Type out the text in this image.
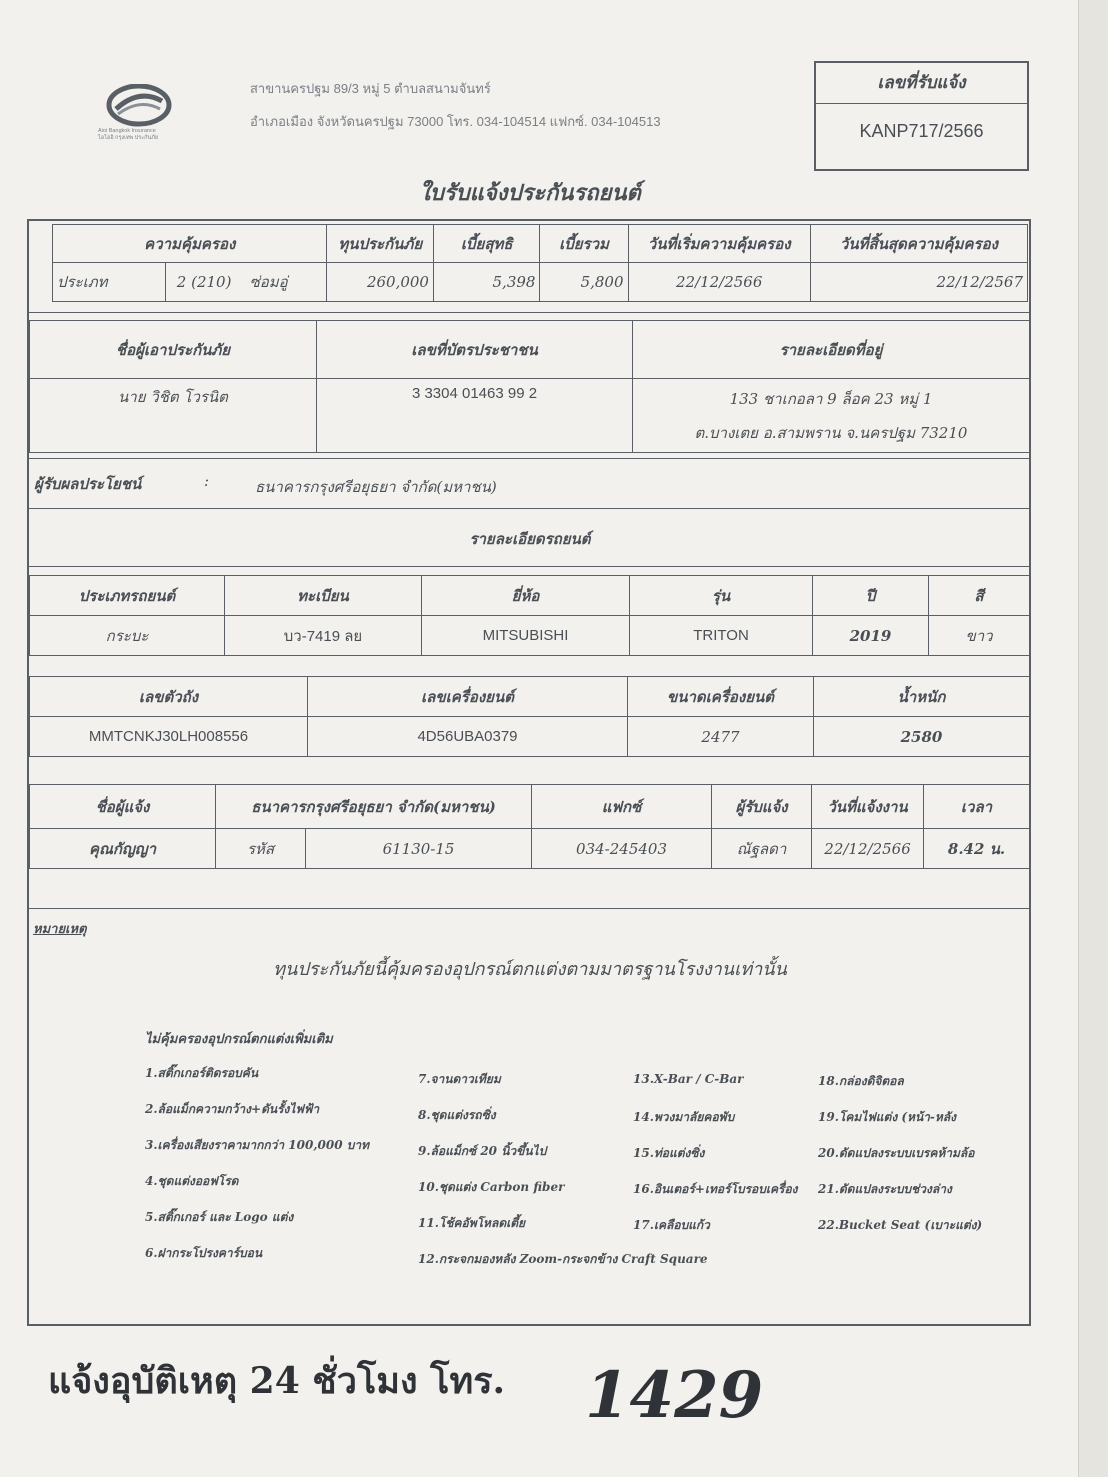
Aioi Bangkok Insurance
ไอโออิ กรุงเทพ ประกันภัย
สาขานครปฐม 89/3 หมู่ 5 ตำบลสนามจันทร์
อำเภอเมือง จังหวัดนครปฐม 73000 โทร. 034-104514 แฟกซ์. 034-104513
เลขที่รับแจ้ง
KANP717/2566
ใบรับแจ้งประกันรถยนต์
ความคุ้มครอง	ทุนประกันภัย	เบี้ยสุทธิ	เบี้ยรวม	วันที่เริ่มความคุ้มครอง	วันที่สิ้นสุดความคุ้มครอง
ประเภท 2 (210) ซ่อมอู่	260,000	5,398	5,800	22/12/2566	22/12/2567
ชื่อผู้เอาประกันภัย	เลขที่บัตรประชาชน	รายละเอียดที่อยู่
นาย วิชิต โวรนิต	3 3304 01463 99 2	133 ชาเกอลา 9 ล็อค 23 หมู่ 1
ต.บางเตย อ.สามพราน จ.นครปฐม 73210
ผู้รับผลประโยชน์	:	ธนาคารกรุงศรีอยุธยา จำกัด(มหาชน)
รายละเอียดรถยนต์
ประเภทรถยนต์	ทะเบียน	ยี่ห้อ	รุ่น	ปี	สี
กระบะ	บว-7419 ลย	MITSUBISHI	TRITON	2019	ขาว
เลขตัวถัง	เลขเครื่องยนต์	ขนาดเครื่องยนต์	น้ำหนัก
MMTCNKJ30LH008556	4D56UBA0379	2477	2580
ชื่อผู้แจ้ง	ธนาคารกรุงศรีอยุธยา จำกัด(มหาชน)		แฟกซ์	ผู้รับแจ้ง	วันที่แจ้งงาน	เวลา
คุณกัญญา	รหัส	61130-15	034-245403	ณัฐลดา	22/12/2566	8.42 น.
หมายเหตุ
ทุนประกันภัยนี้คุ้มครองอุปกรณ์ตกแต่งตามมาตรฐานโรงงานเท่านั้น
ไม่คุ้มครองอุปกรณ์ตกแต่งเพิ่มเติม
1.สติ๊กเกอร์ติดรอบคัน
2.ล้อแม็กความกว้าง+ดันรั้งไฟฟ้า
3.เครื่องเสียงราคามากกว่า 100,000 บาท
4.ชุดแต่งออฟโรด
5.สติ๊กเกอร์ และ Logo แต่ง
6.ฝากระโปรงคาร์บอน
7.จานดาวเทียม
8.ชุดแต่งรถซิ่ง
9.ล้อแม็กซ์ 20 นิ้วขึ้นไป
10.ชุดแต่ง Carbon fiber
11.โช้คอัพโหลดเตี้ย
12.กระจกมองหลัง Zoom-กระจกข้าง Craft Square
13.X-Bar / C-Bar
14.พวงมาลัยคอพับ
15.ท่อแต่งซิ่ง
16.อินเตอร์+เทอร์โบรอบเครื่อง
17.เคลือบแก้ว
18.กล่องดิจิตอล
19.โคมไฟแต่ง (หน้า-หลัง
20.ดัดแปลงระบบเบรคห้ามล้อ
21.ดัดแปลงระบบช่วงล่าง
22.Bucket Seat (เบาะแต่ง)
แจ้งอุบัติเหตุ 24 ชั่วโมง โทร. 1429
